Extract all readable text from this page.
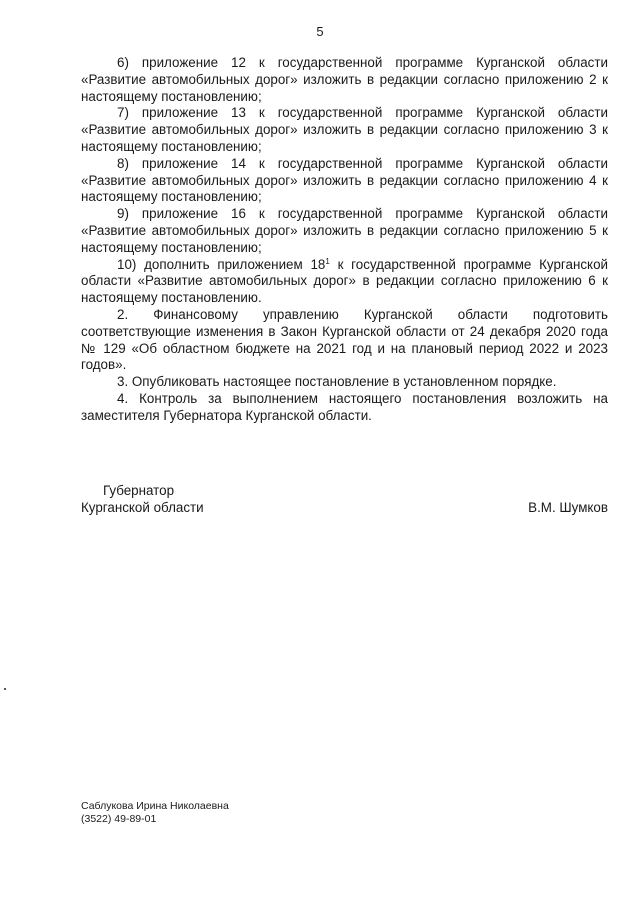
5

6) приложение 12 к государственной программе Курганской области «Развитие автомобильных дорог» изложить в редакции согласно приложению 2 к настоящему постановлению;

7) приложение 13 к государственной программе Курганской области «Развитие автомобильных дорог» изложить в редакции согласно приложению 3 к настоящему постановлению;

8) приложение 14 к государственной программе Курганской области «Развитие автомобильных дорог» изложить в редакции согласно приложению 4 к настоящему постановлению;

9) приложение 16 к государственной программе Курганской области «Развитие автомобильных дорог» изложить в редакции согласно приложению 5 к настоящему постановлению;

10) дополнить приложением $18^1$ к государственной программе Курганской области «Развитие автомобильных дорог» в редакции согласно приложению 6 к настоящему постановлению.

2. Финансовому управлению Курганской области подготовить соответствующие изменения в Закон Курганской области от 24 декабря 2020 года № 129 «Об областном бюджете на 2021 год и на плановый период 2022 и 2023 годов».

3. Опубликовать настоящее постановление в установленном порядке.

4. Контроль за выполнением настоящего постановления возложить на заместителя Губернатора Курганской области.

Губернатор
Курганской области	В.М. Шумков
Саблукова Ирина Николаевна
(3522) 49-89-01
